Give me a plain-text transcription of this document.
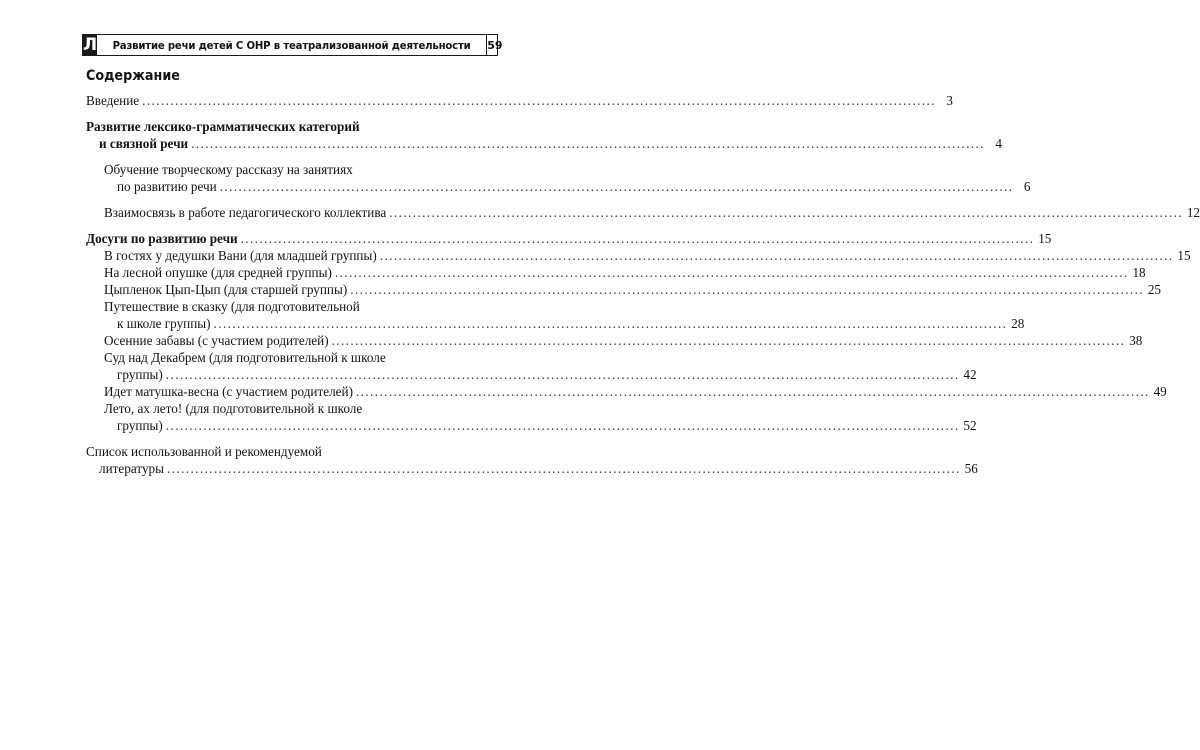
Л Развитие речи детей С ОНР в театрализованной деятельности 59
Содержание
Введение ......................................................................................................................................................................... 3
Развитие лексико-грамматических категорий
и связной речи ......................................................................................................................................................................... 4
Обучение творческому рассказу на занятиях
по развитию речи ......................................................................................................................................................................... 6
Взаимосвязь в работе педагогического коллектива ......................................................................................................................................................................... 12
Досуги по развитию речи ......................................................................................................................................................................... 15
В гостях у дедушки Вани (для младшей группы) ......................................................................................................................................................................... 15
На лесной опушке (для средней группы) ......................................................................................................................................................................... 18
Цыпленок Цып-Цып (для старшей группы) ......................................................................................................................................................................... 25
Путешествие в сказку (для подготовительной
к школе группы) ......................................................................................................................................................................... 28
Осенние забавы (с участием родителей) ......................................................................................................................................................................... 38
Суд над Декабрем (для подготовительной к школе
группы) ......................................................................................................................................................................... 42
Идет матушка-весна (с участием родителей) ......................................................................................................................................................................... 49
Лето, ах лето! (для подготовительной к школе
группы) ......................................................................................................................................................................... 52
Список использованной и рекомендуемой
литературы ......................................................................................................................................................................... 56
